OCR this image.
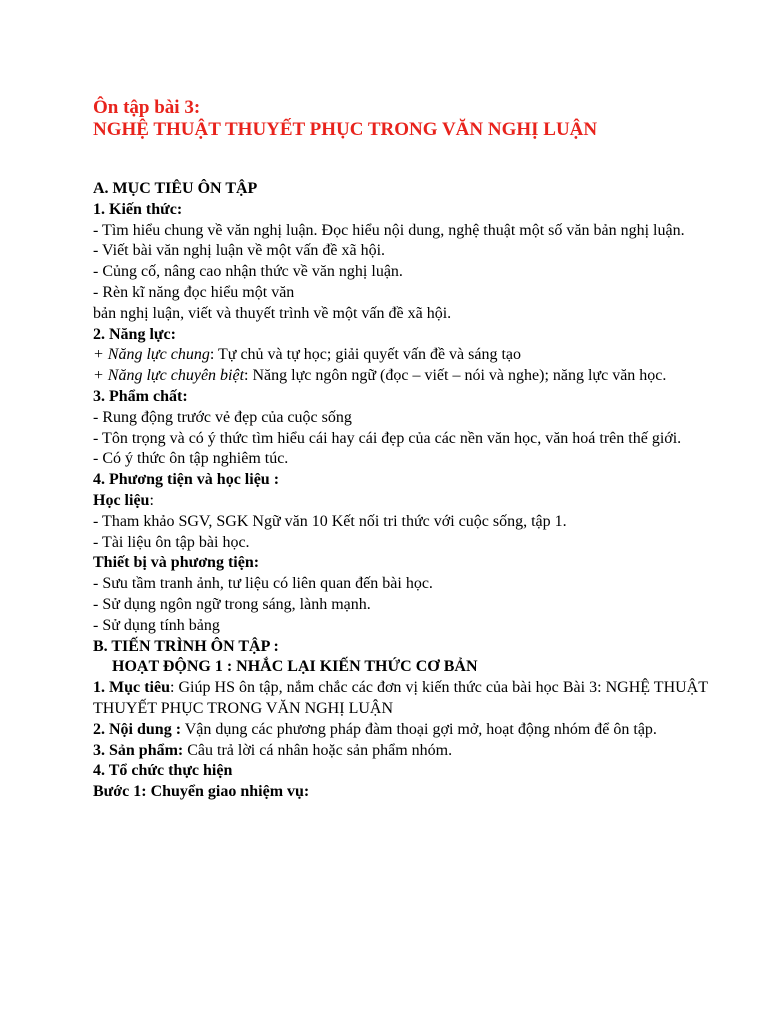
Ôn tập bài 3:

NGHỆ THUẬT THUYẾT PHỤC TRONG VĂN NGHỊ LUẬN

A. MỤC TIÊU ÔN TẬP

1. Kiến thức:

- Tìm hiểu chung về văn nghị luận. Đọc hiểu nội dung, nghệ thuật một số văn bản nghị luận.

- Viết bài văn nghị luận về một vấn đề xã hội.

- Củng cố, nâng cao nhận thức về văn nghị luận.

- Rèn kĩ năng đọc hiểu một văn

bản nghị luận, viết và thuyết trình về một vấn đề xã hội.

2. Năng lực:

+ Năng lực chung: Tự chủ và tự học; giải quyết vấn đề và sáng tạo

+ Năng lực chuyên biệt: Năng lực ngôn ngữ (đọc – viết – nói và nghe); năng lực văn học.

3. Phẩm chất:

- Rung động trước vẻ đẹp của cuộc sống

- Tôn trọng và có ý thức tìm hiểu cái hay cái đẹp của các nền văn học, văn hoá trên thế giới.

- Có ý thức ôn tập nghiêm túc.

4. Phương tiện và học liệu :

Học liệu:

- Tham khảo SGV, SGK Ngữ văn 10 Kết nối tri thức với cuộc sống, tập 1.

- Tài liệu ôn tập bài học.

Thiết bị và phương tiện:

- Sưu tầm tranh ảnh, tư liệu có liên quan đến bài học.

- Sử dụng ngôn ngữ trong sáng, lành mạnh.

- Sử dụng tính bảng

B. TIẾN TRÌNH ÔN TẬP :

HOẠT ĐỘNG 1 : NHẮC LẠI KIẾN THỨC CƠ BẢN

1. Mục tiêu: Giúp HS ôn tập, nắm chắc các đơn vị kiến thức của bài học Bài 3: NGHỆ THUẬT THUYẾT PHỤC TRONG VĂN NGHỊ LUẬN

2. Nội dung : Vận dụng các phương pháp đàm thoại gợi mở, hoạt động nhóm để ôn tập.

3. Sản phẩm: Câu trả lời cá nhân hoặc sản phẩm nhóm.

4. Tổ chức thực hiện

Bước 1: Chuyển giao nhiệm vụ:
